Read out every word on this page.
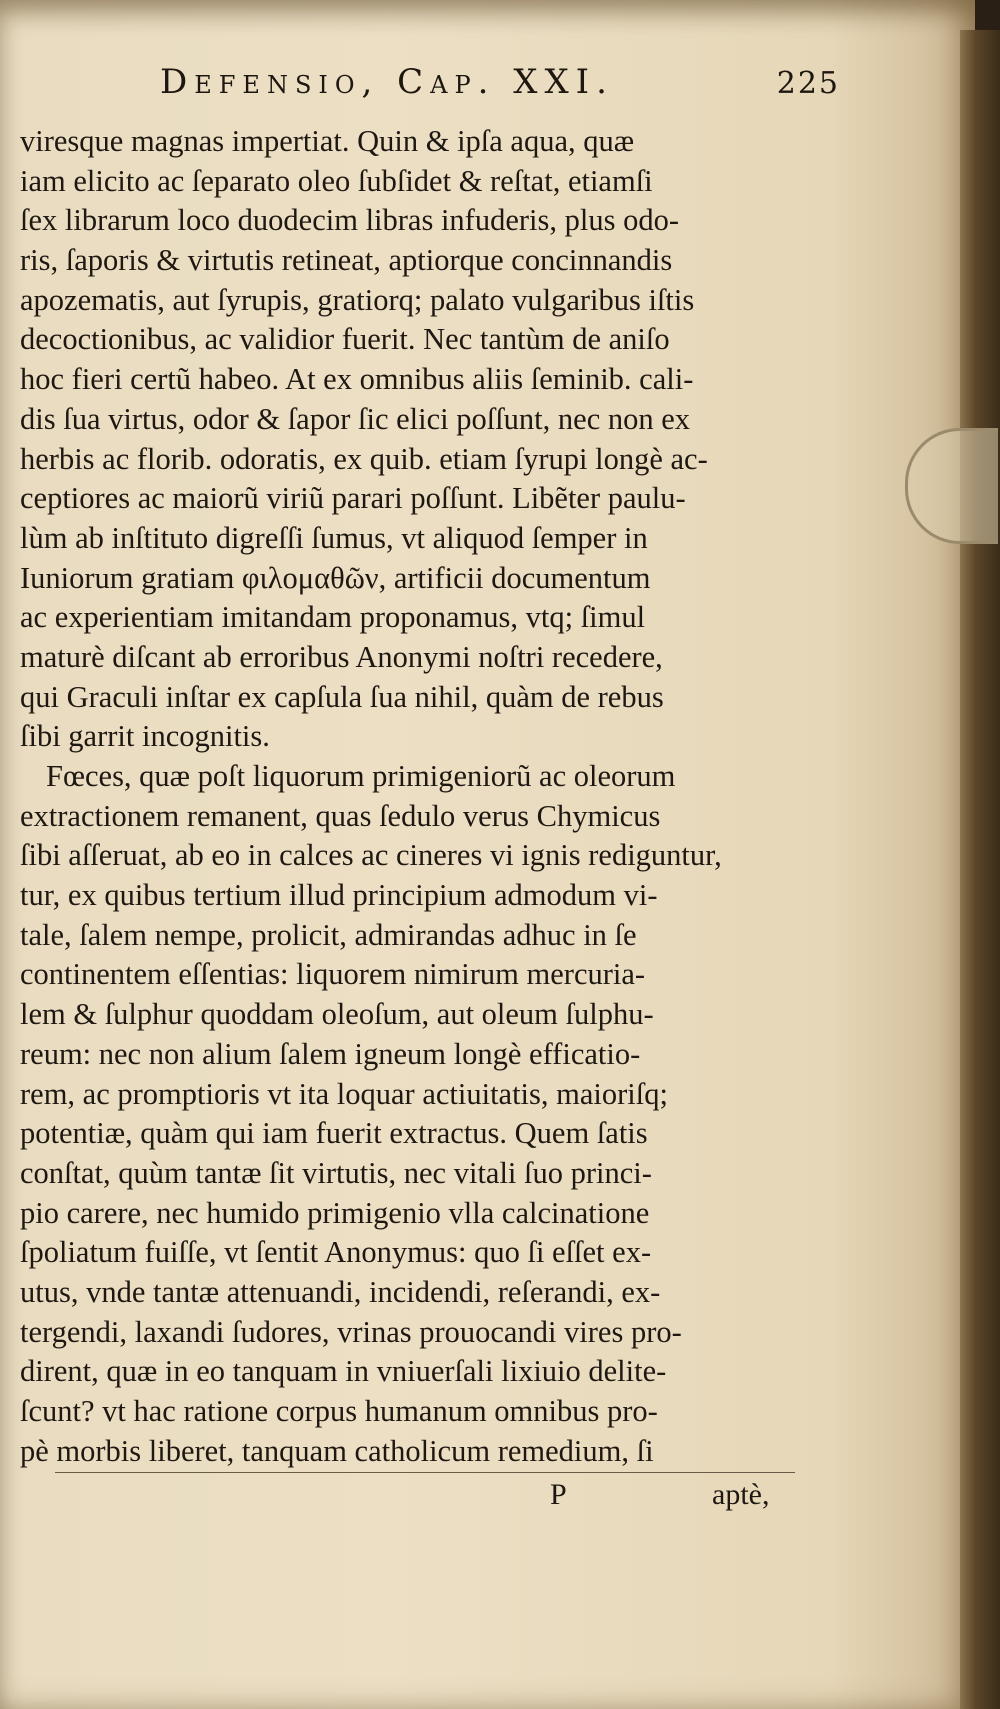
Defensio, Cap. XXI.	225
viresque magnas impertiat. Quin & ipſa aqua, quæ
iam elicito ac ſeparato oleo ſubſidet & reſtat, etiamſi
ſex librarum loco duodecim libras infuderis, plus odo-
ris, ſaporis & virtutis retineat, aptiorque concinnandis
apozematis, aut ſyrupis, gratiorq; palato vulgaribus iſtis
decoctionibus, ac validior fuerit. Nec tantùm de aniſo
hoc fieri certũ habeo. At ex omnibus aliis ſeminib. cali-
dis ſua virtus, odor & ſapor ſic elici poſſunt, nec non ex
herbis ac florib. odoratis, ex quib. etiam ſyrupi longè ac-
ceptiores ac maiorũ viriũ parari poſſunt. Libẽter paulu-
lùm ab inſtituto digreſſi ſumus, vt aliquod ſemper in
Iuniorum gratiam φιλομαθῶν, artificii documentum
ac experientiam imitandam proponamus, vtq; ſimul
maturè diſcant ab erroribus Anonymi noſtri recedere,
qui Graculi inſtar ex capſula ſua nihil, quàm de rebus
ſibi garrit incognitis.
Fœces, quæ poſt liquorum primigeniorũ ac oleorum
extractionem remanent, quas ſedulo verus Chymicus
ſibi aſſeruat, ab eo in calces ac cineres vi ignis rediguntur,
tur, ex quibus tertium illud principium admodum vi-
tale, ſalem nempe, prolicit, admirandas adhuc in ſe
continentem eſſentias: liquorem nimirum mercuria-
lem & ſulphur quoddam oleoſum, aut oleum ſulphu-
reum: nec non alium ſalem igneum longè efficatio-
rem, ac promptioris vt ita loquar actiuitatis, maioriſq;
potentiæ, quàm qui iam fuerit extractus. Quem ſatis
conſtat, quùm tantæ ſit virtutis, nec vitali ſuo princi-
pio carere, nec humido primigenio vlla calcinatione
ſpoliatum fuiſſe, vt ſentit Anonymus: quo ſi eſſet ex-
utus, vnde tantæ attenuandi, incidendi, reſerandi, ex-
tergendi, laxandi ſudores, vrinas prouocandi vires pro-
dirent, quæ in eo tanquam in vniuerſali lixiuio delite-
ſcunt? vt hac ratione corpus humanum omnibus pro-
pè morbis liberet, tanquam catholicum remedium, ſi
P	aptè,
